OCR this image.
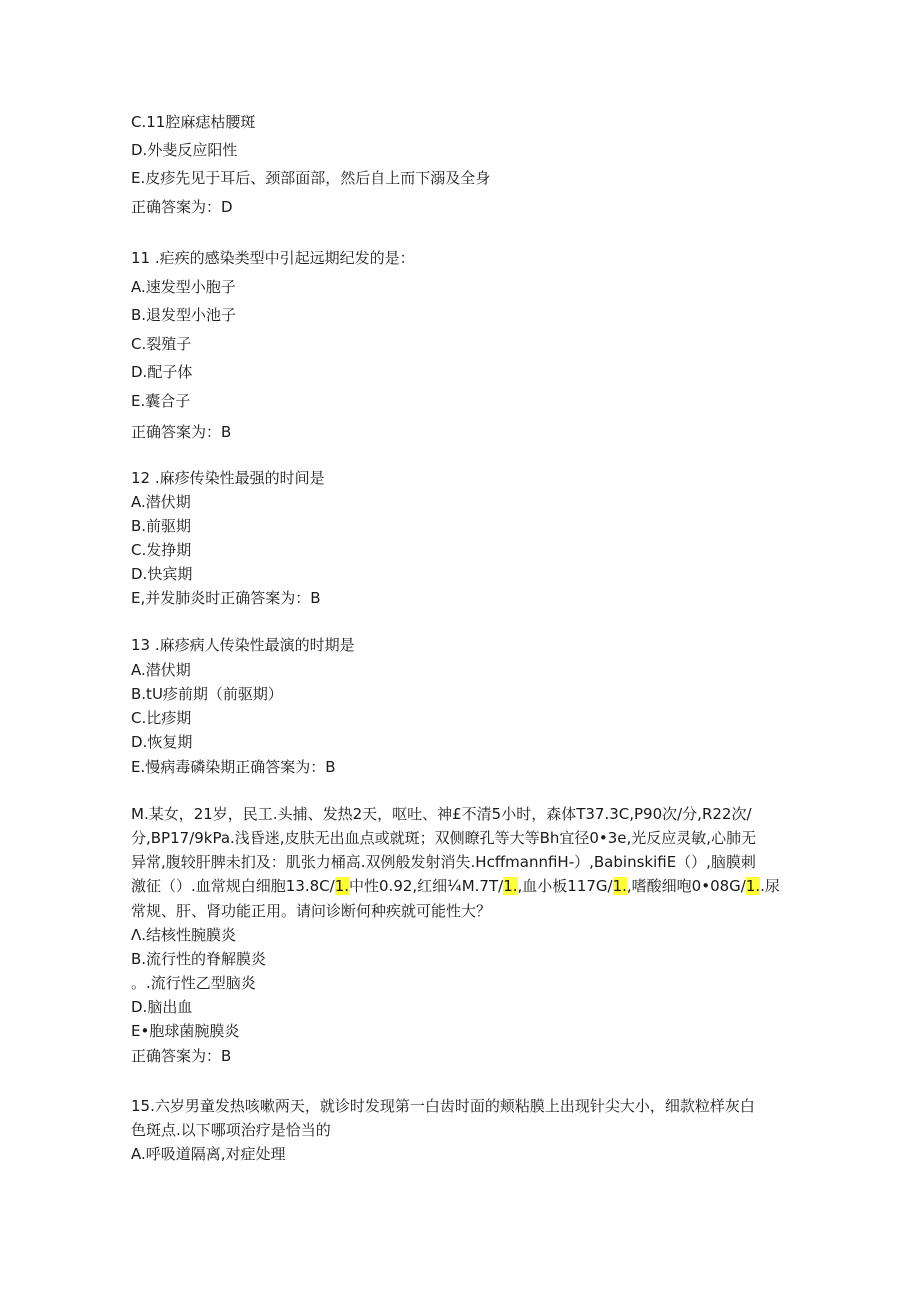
C.11腔麻痣枯腰斑
D.外斐反应阳性
E.皮疹先见于耳后、颈部面部，然后自上而下溺及全身
正确答案为：D
11 .疟疾的感染类型中引起远期纪发的是：
A.速发型小胞子
B.退发型小池子
C.裂殖子
D.配子体
E.囊合子
正确答案为：B
12 .麻疹传染性最强的时间是
A.潜伏期
B.前驱期
C.发挣期
D.快宾期
E,并发肺炎时正确答案为：B
13 .麻疹病人传染性最演的时期是
A.潜伏期
B.tU疹前期（前驱期）
C.比疹期
D.恢复期
E.慢病毒磷染期正确答案为：B
M.某女，21岁，民工.头捕、发热2天，呕吐、神£不清5小时，森体T37.3C,P90次/分,R22次/
分,BP17/9kPa.浅昏迷,皮肤无出血点或就斑；双侧瞭孔等大等Bh宜径0•3e,光反应灵敏,心肺无
异常,腹较肝脾未扪及：肌张力桶高.双例般发射消失.HcffmannfiH-）,BabinskifiE（）,脑膜刺
激征（）.血常规白细胞13.8C/1.中性0.92,红细¼M.7T/1.,血小板117G/1.,嗜酸细咆0•08G/1..尿
常规、肝、肾功能正用。请问诊断何种疾就可能性大？
Λ.结核性腕膜炎
B.流行性的脊解膜炎
。.流行性乙型脑炎
D.脑出血
E•胞球菌腕膜炎
正确答案为：B
15.六岁男童发热咳嗽两天，就诊时发现第一白齿时面的颊粘膜上出现针尖大小，细款粒样灰白
色斑点.以下哪项治疗是恰当的
A.呼吸道隔离,对症处理
